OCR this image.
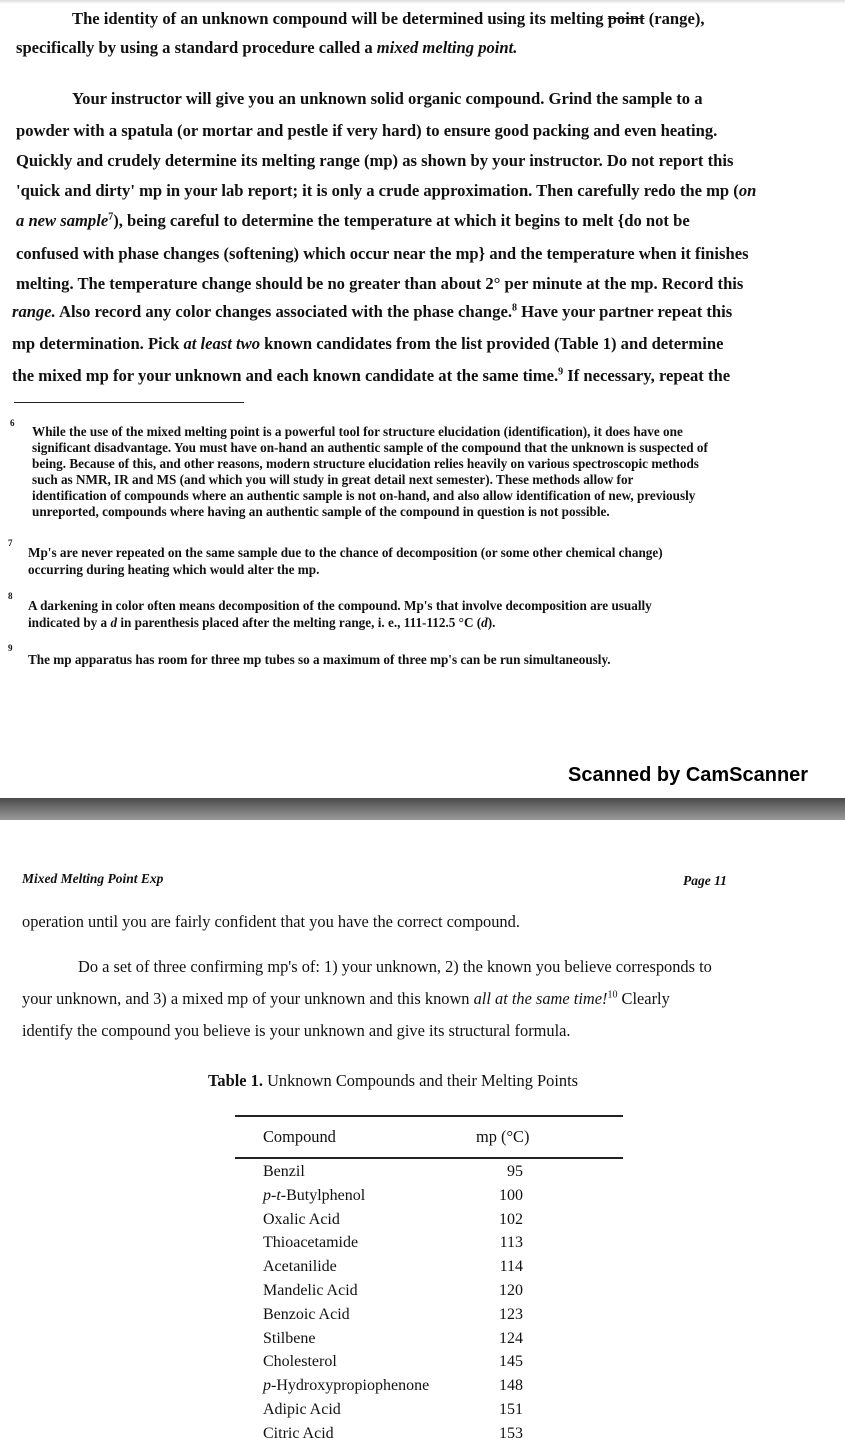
The identity of an unknown compound will be determined using its melting point (range),
specifically by using a standard procedure called a mixed melting point.
Your instructor will give you an unknown solid organic compound. Grind the sample to a
powder with a spatula (or mortar and pestle if very hard) to ensure good packing and even heating.
Quickly and crudely determine its melting range (mp) as shown by your instructor. Do not report this
'quick and dirty' mp in your lab report; it is only a crude approximation. Then carefully redo the mp (on
a new sample$^7$), being careful to determine the temperature at which it begins to melt {do not be
confused with phase changes (softening) which occur near the mp} and the temperature when it finishes
melting. The temperature change should be no greater than about 2° per minute at the mp. Record this
range. Also record any color changes associated with the phase change.$^8$ Have your partner repeat this
mp determination. Pick at least two known candidates from the list provided (Table 1) and determine
the mixed mp for your unknown and each known candidate at the same time.$^9$ If necessary, repeat the
6
While the use of the mixed melting point is a powerful tool for structure elucidation (identification), it does have one
significant disadvantage. You must have on-hand an authentic sample of the compound that the unknown is suspected of
being. Because of this, and other reasons, modern structure elucidation relies heavily on various spectroscopic methods
such as NMR, IR and MS (and which you will study in great detail next semester). These methods allow for
identification of compounds where an authentic sample is not on-hand, and also allow identification of new, previously
unreported, compounds where having an authentic sample of the compound in question is not possible.
7
Mp's are never repeated on the same sample due to the chance of decomposition (or some other chemical change)
occurring during heating which would alter the mp.
8
A darkening in color often means decomposition of the compound. Mp's that involve decomposition are usually
indicated by a d in parenthesis placed after the melting range, i. e., 111-112.5 °C (d).
9
The mp apparatus has room for three mp tubes so a maximum of three mp's can be run simultaneously.
Scanned by CamScanner
Mixed Melting Point Exp	Page 11
operation until you are fairly confident that you have the correct compound.
Do a set of three confirming mp's of: 1) your unknown, 2) the known you believe corresponds to
your unknown, and 3) a mixed mp of your unknown and this known all at the same time!$^{10}$ Clearly
identify the compound you believe is your unknown and give its structural formula.
Table 1. Unknown Compounds and their Melting Points
Compound	mp (°C)
Benzil	95
p-t-Butylphenol	100
Oxalic Acid	102
Thioacetamide	113
Acetanilide	114
Mandelic Acid	120
Benzoic Acid	123
Stilbene	124
Cholesterol	145
p-Hydroxypropiophenone	148
Adipic Acid	151
Citric Acid	153
